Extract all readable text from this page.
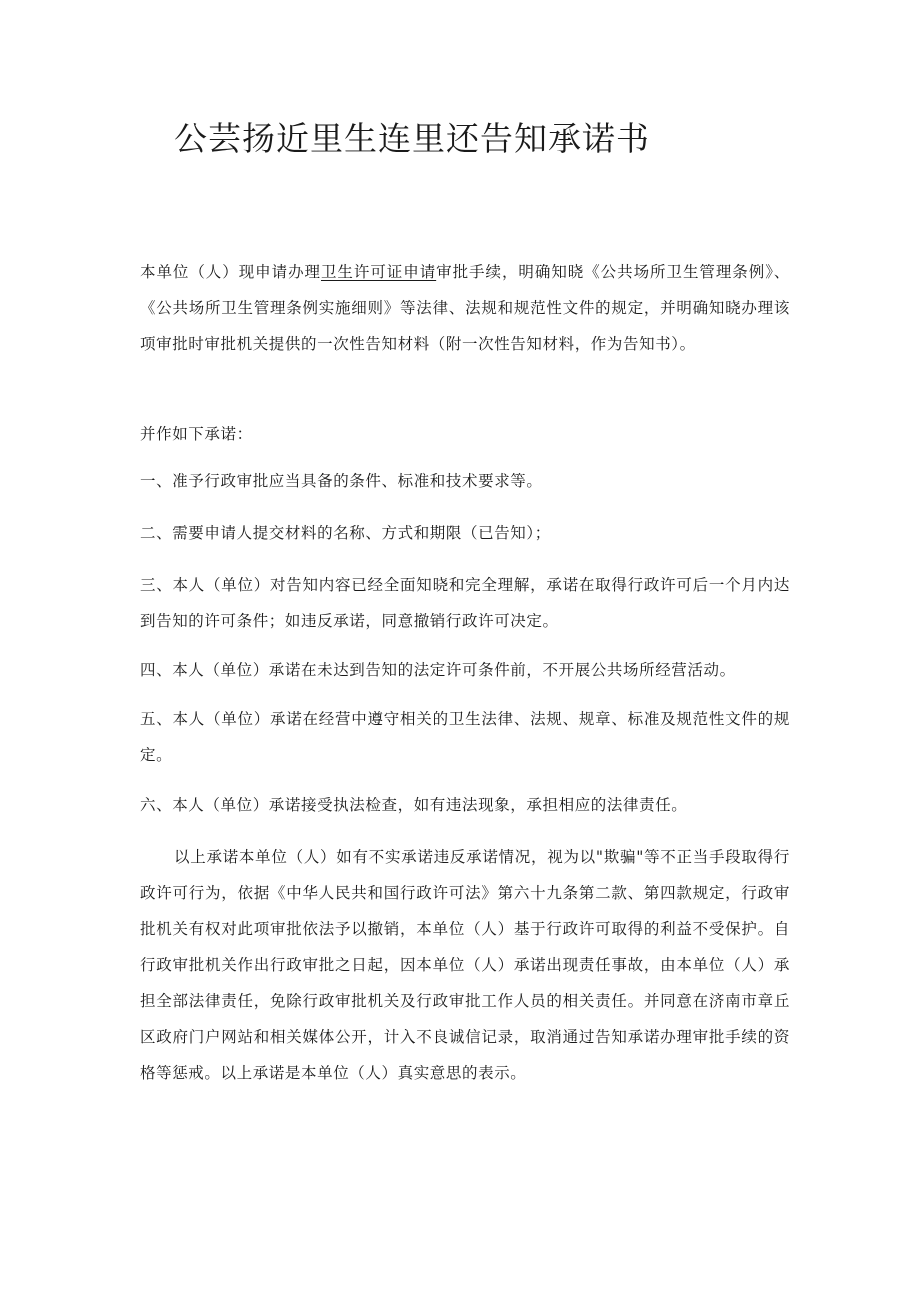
公芸扬近里生连里还告知承诺书

本单位（人）现申请办理卫生许可证申请审批手续，明确知晓《公共场所卫生管理条例》、《公共场所卫生管理条例实施细则》等法律、法规和规范性文件的规定，并明确知晓办理该项审批时审批机关提供的一次性告知材料（附一次性告知材料，作为告知书）。

并作如下承诺：

一、准予行政审批应当具备的条件、标准和技术要求等。

二、需要申请人提交材料的名称、方式和期限（已告知）；

三、本人（单位）对告知内容已经全面知晓和完全理解，承诺在取得行政许可后一个月内达到告知的许可条件；如违反承诺，同意撤销行政许可决定。

四、本人（单位）承诺在未达到告知的法定许可条件前，不开展公共场所经营活动。

五、本人（单位）承诺在经营中遵守相关的卫生法律、法规、规章、标准及规范性文件的规定。

六、本人（单位）承诺接受执法检查，如有违法现象，承担相应的法律责任。

以上承诺本单位（人）如有不实承诺违反承诺情况，视为以"欺骗"等不正当手段取得行政许可行为，依据《中华人民共和国行政许可法》第六十九条第二款、第四款规定，行政审批机关有权对此项审批依法予以撤销，本单位（人）基于行政许可取得的利益不受保护。自行政审批机关作出行政审批之日起，因本单位（人）承诺出现责任事故，由本单位（人）承担全部法律责任，免除行政审批机关及行政审批工作人员的相关责任。并同意在济南市章丘区政府门户网站和相关媒体公开，计入不良诚信记录，取消通过告知承诺办理审批手续的资格等惩戒。以上承诺是本单位（人）真实意思的表示。
